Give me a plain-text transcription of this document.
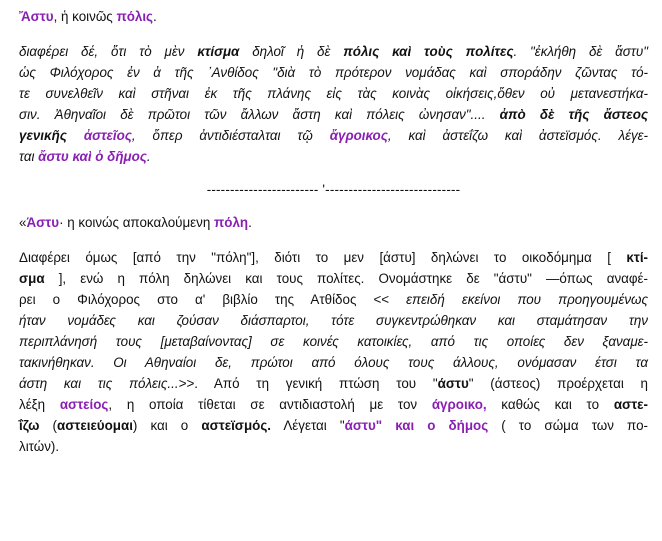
Ἄστυ, ἡ κοινῶς πόλις.
διαφέρει δέ, ὅτι τὸ μὲν κτίσμα δηλοῖ ἡ δὲ πόλις καὶ τοὺς πολίτες. "ἐκλήθη δὲ ἄστυ"
ὡς Φιλόχορος ἐν ἀ τῆς ᾿Ανθίδος "διὰ τὸ πρότερον νομάδας καὶ σποράδην ζῶντας τό-
τε συνελθεῖν καὶ στῆναι ἐκ τῆς πλάνης εἰς τὰς κοινὰς οἰκήσεις,ὅθεν οὐ μετανεστήκα-
σιν. Ἀθηναῖοι δὲ πρῶτοι τῶν ἄλλων ἄστη καὶ πόλεις ὠνησαν".... ἀπὸ δὲ τῆς ἄστεος
γενικῆς ἀστεῖος, ὅπερ ἀντιδιέσταλται τῷ ἄγροικος, καὶ ἀστεΐζω καὶ ἀστεϊσμός. λέγε-
ται ἄστυ καὶ ὁ δῆμος.
------------------------ '-----------------------------
«Άστυ· η κοινώς αποκαλούμενη πόλη.
Διαφέρει όμως [από την "πόλη"], διότι το μεν [άστυ] δηλώνει το οικοδόμημα [ κτί-
σμα ], ενώ η πόλη δηλώνει και τους πολίτες. Ονομάστηκε δε "άστυ" —όπως αναφέ-
ρει ο Φιλόχορος στο α' βιβλίο της Ατθίδος << επειδή εκείνοι που προηγουμένως
ήταν νομάδες και ζούσαν διάσπαρτοι, τότε συγκεντρώθηκαν και σταμάτησαν την
περιπλάνησή τους [μεταβαίνοντας] σε κοινές κατοικίες, από τις οποίες δεν ξαναμε-
τακινήθηκαν. Οι Αθηναίοι δε, πρώτοι από όλους τους άλλους, ονόμασαν έτσι τα
άστη και τις πόλεις...>>. Από τη γενική πτώση του "άστυ" (άστεος) προέρχεται η
λέξη αστείος, η οποία τίθεται σε αντιδιαστολή με τον άγροικο, καθώς και το αστε-
ΐζω (αστειεύομαι) και ο αστεϊσμός. Λέγεται "άστυ" και ο δήμος ( το σώμα των πο-
λιτών).
